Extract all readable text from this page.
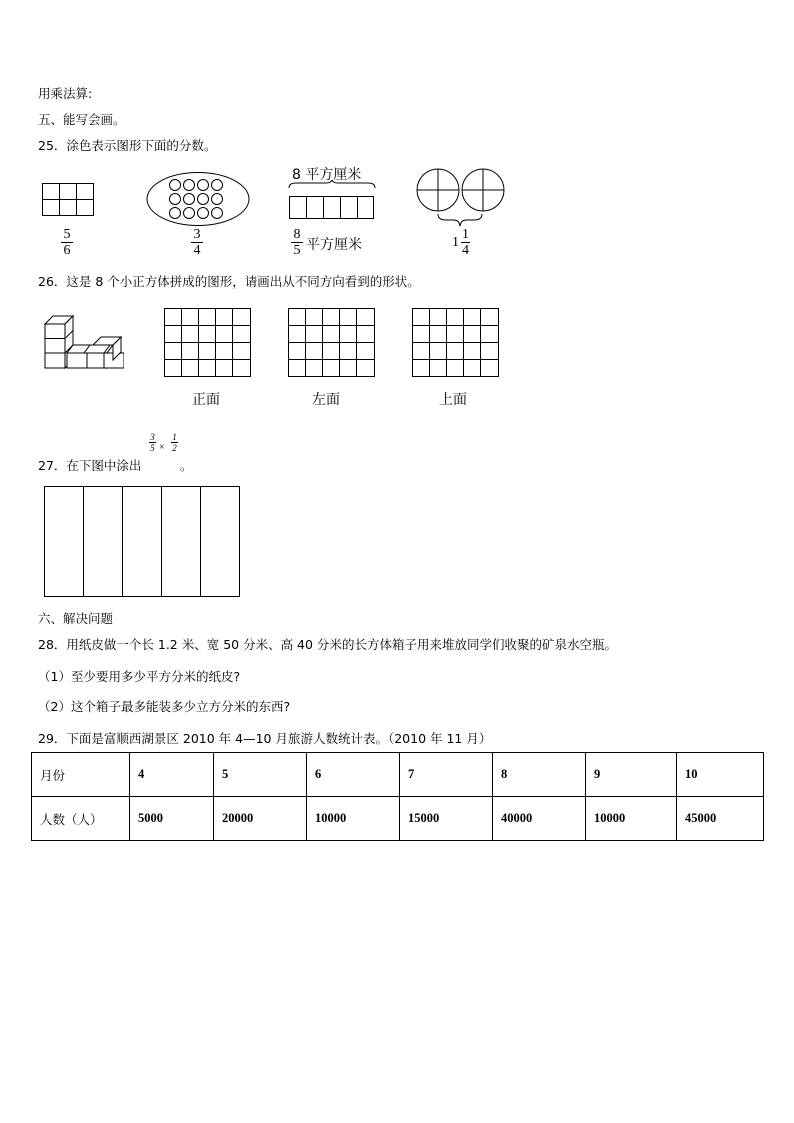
用乘法算:
五、能写会画。
25．涂色表示图形下面的分数。
5
6
3
4
8 平方厘米
8
5 平方厘米	1
1
4
26．这是 8 个小正方体拼成的图形，请画出从不同方向看到的形状。
正面	左面	上面
27．在下图中涂出
3
5 ×
1
2
。
六、解决问题
28．用纸皮做一个长 1.2 米、宽 50 分米、高 40 分米的长方体箱子用来堆放同学们收聚的矿泉水空瓶。
（1）至少要用多少平方分米的纸皮?
（2）这个箱子最多能装多少立方分米的东西?
29．下面是富顺西湖景区 2010 年 4—10 月旅游人数统计表。（2010 年 11 月）
月份	4	5	6	7	8	9	10
人数（人）	5000	20000	10000	15000	40000	10000	45000
